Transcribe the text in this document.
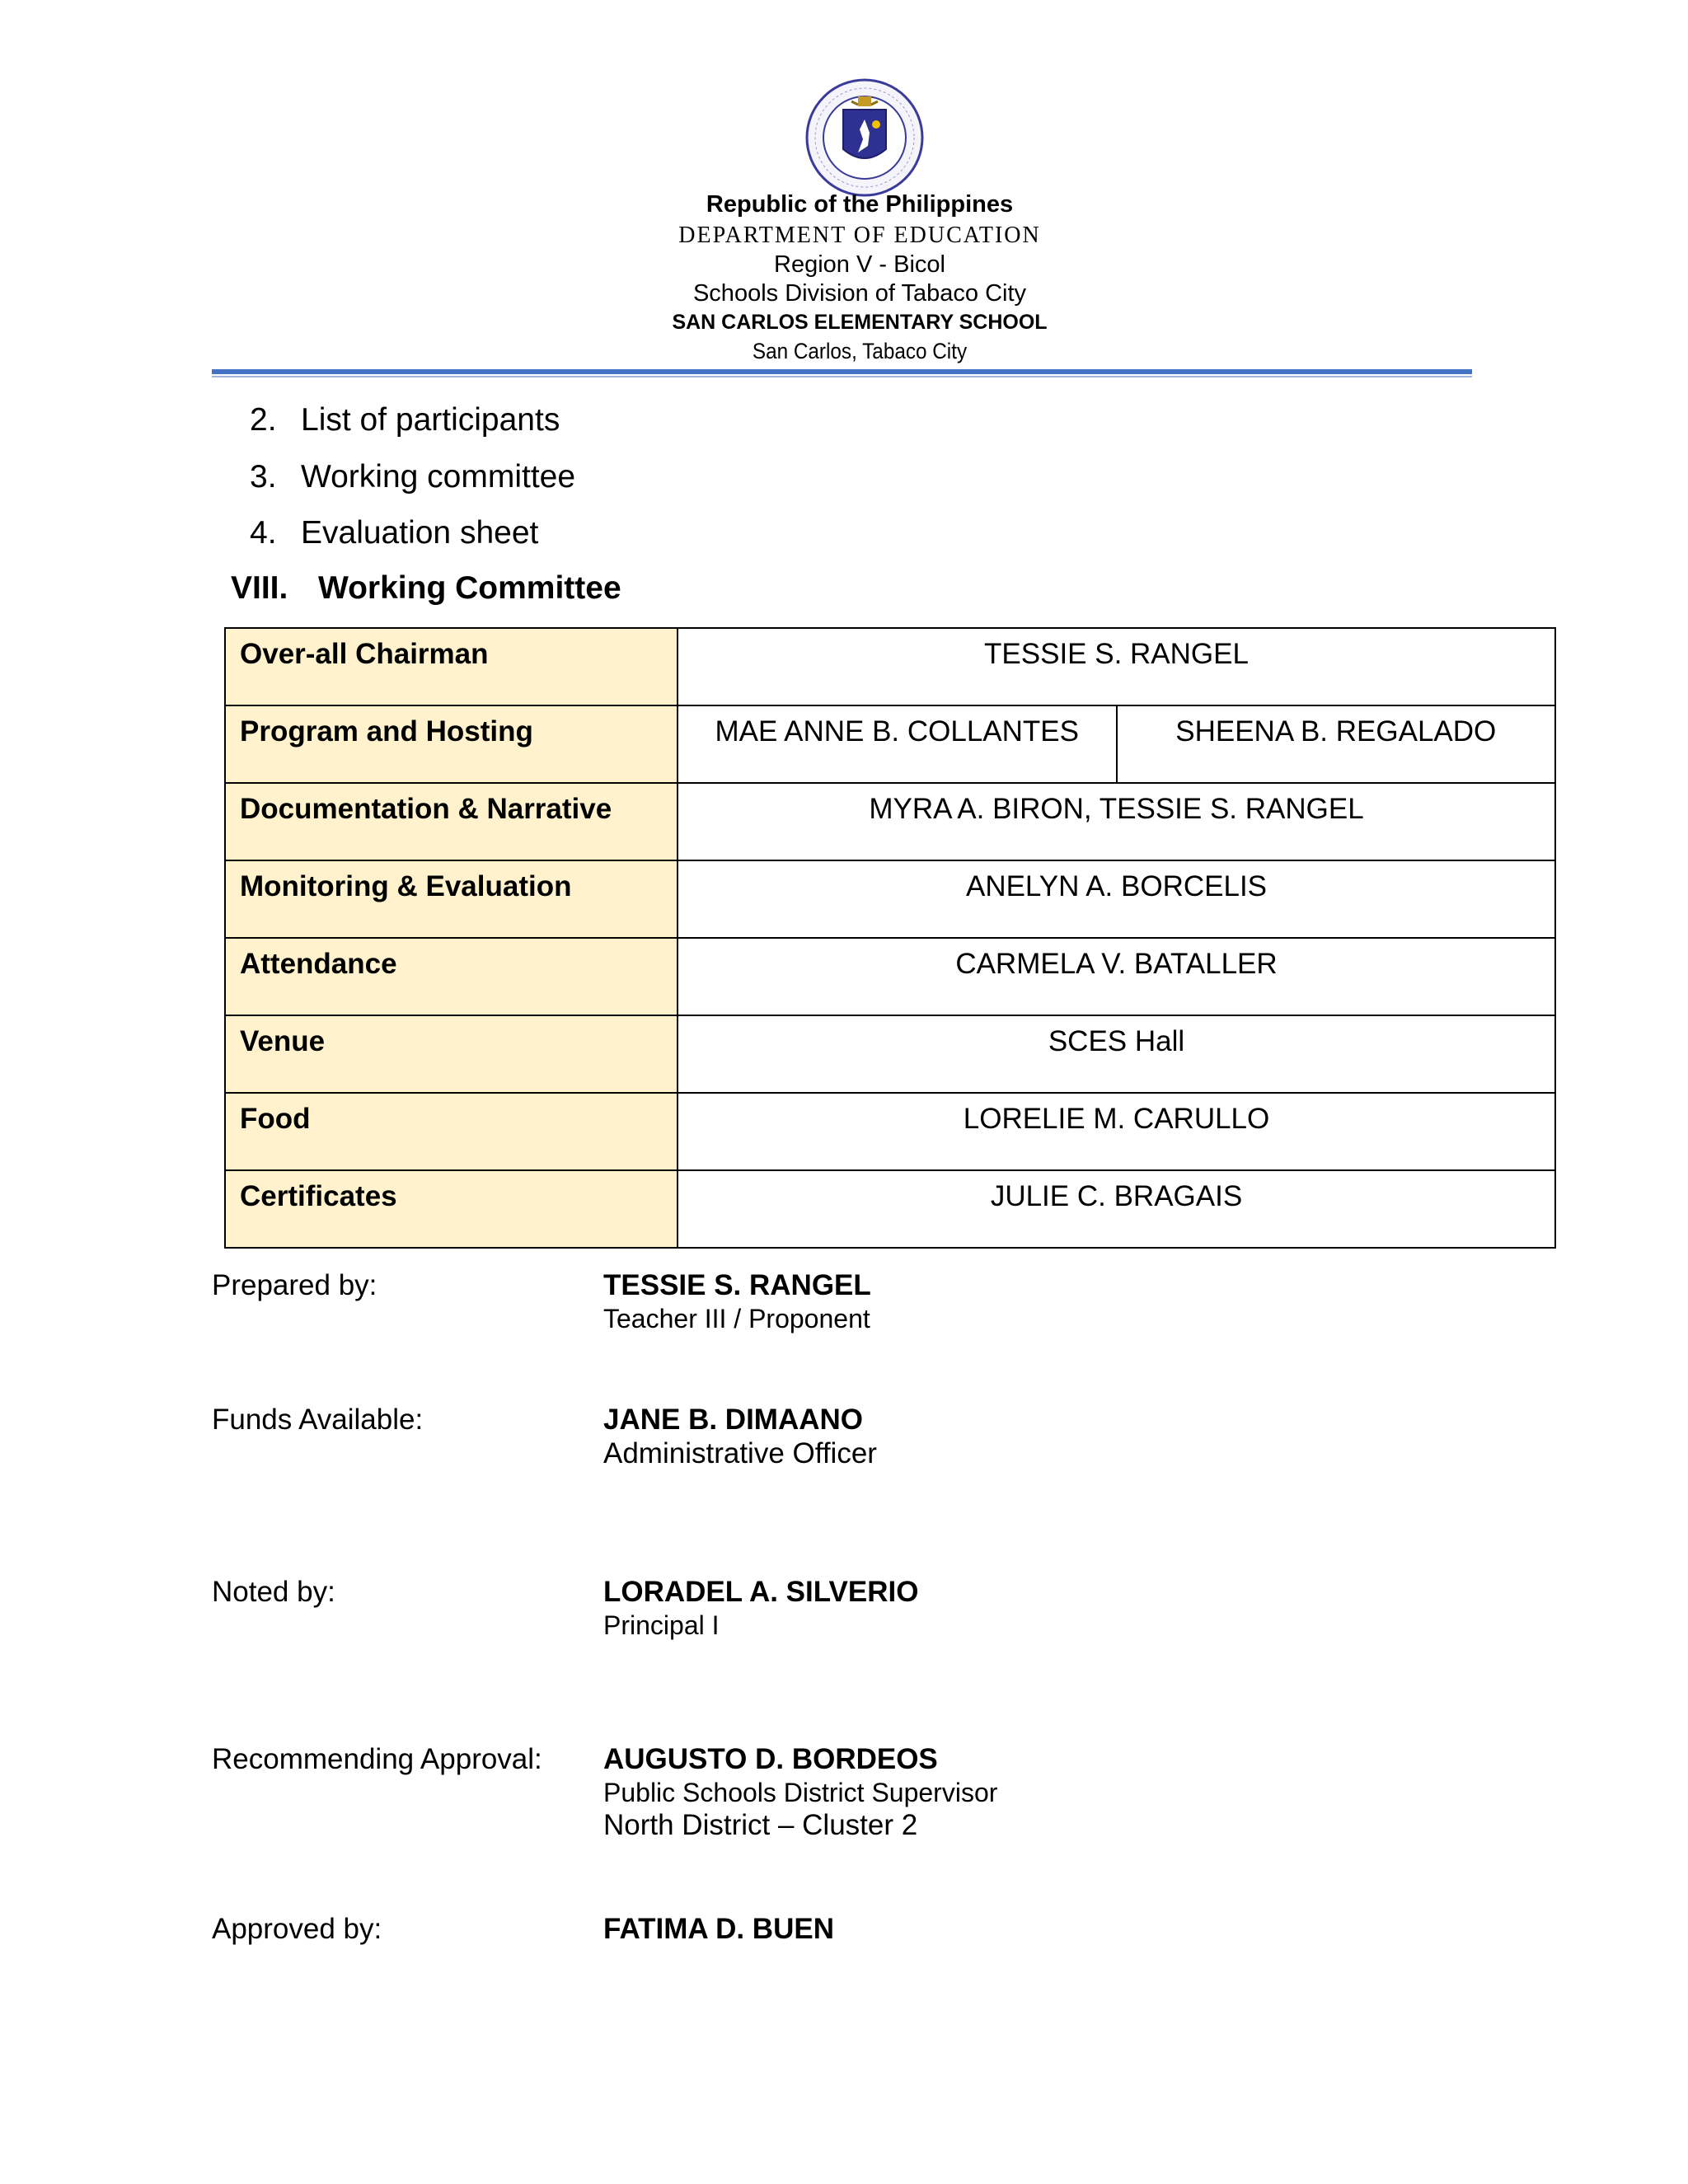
Republic of the Philippines
DEPARTMENT OF EDUCATION
Region V - Bicol
Schools Division of Tabaco City
SAN CARLOS ELEMENTARY SCHOOL
San Carlos, Tabaco City
2. List of participants
3. Working committee
4. Evaluation sheet
VIII. Working Committee
Over-all Chairman	TESSIE S. RANGEL	
Program and Hosting	MAE ANNE B. COLLANTES	SHEENA B. REGALADO
Documentation & Narrative	MYRA A. BIRON, TESSIE S. RANGEL	
Monitoring & Evaluation	ANELYN A. BORCELIS	
Attendance	CARMELA V. BATALLER	
Venue	SCES Hall	
Food	LORELIE M. CARULLO	
Certificates	JULIE C. BRAGAIS	
Prepared by:	TESSIE S. RANGEL
Teacher III / Proponent
Funds Available:	JANE B. DIMAANO
Administrative Officer
Noted by:	LORADEL A. SILVERIO
Principal I
Recommending Approval: AUGUSTO D. BORDEOS
Public Schools District Supervisor
North District – Cluster 2
Approved by:	FATIMA D. BUEN
